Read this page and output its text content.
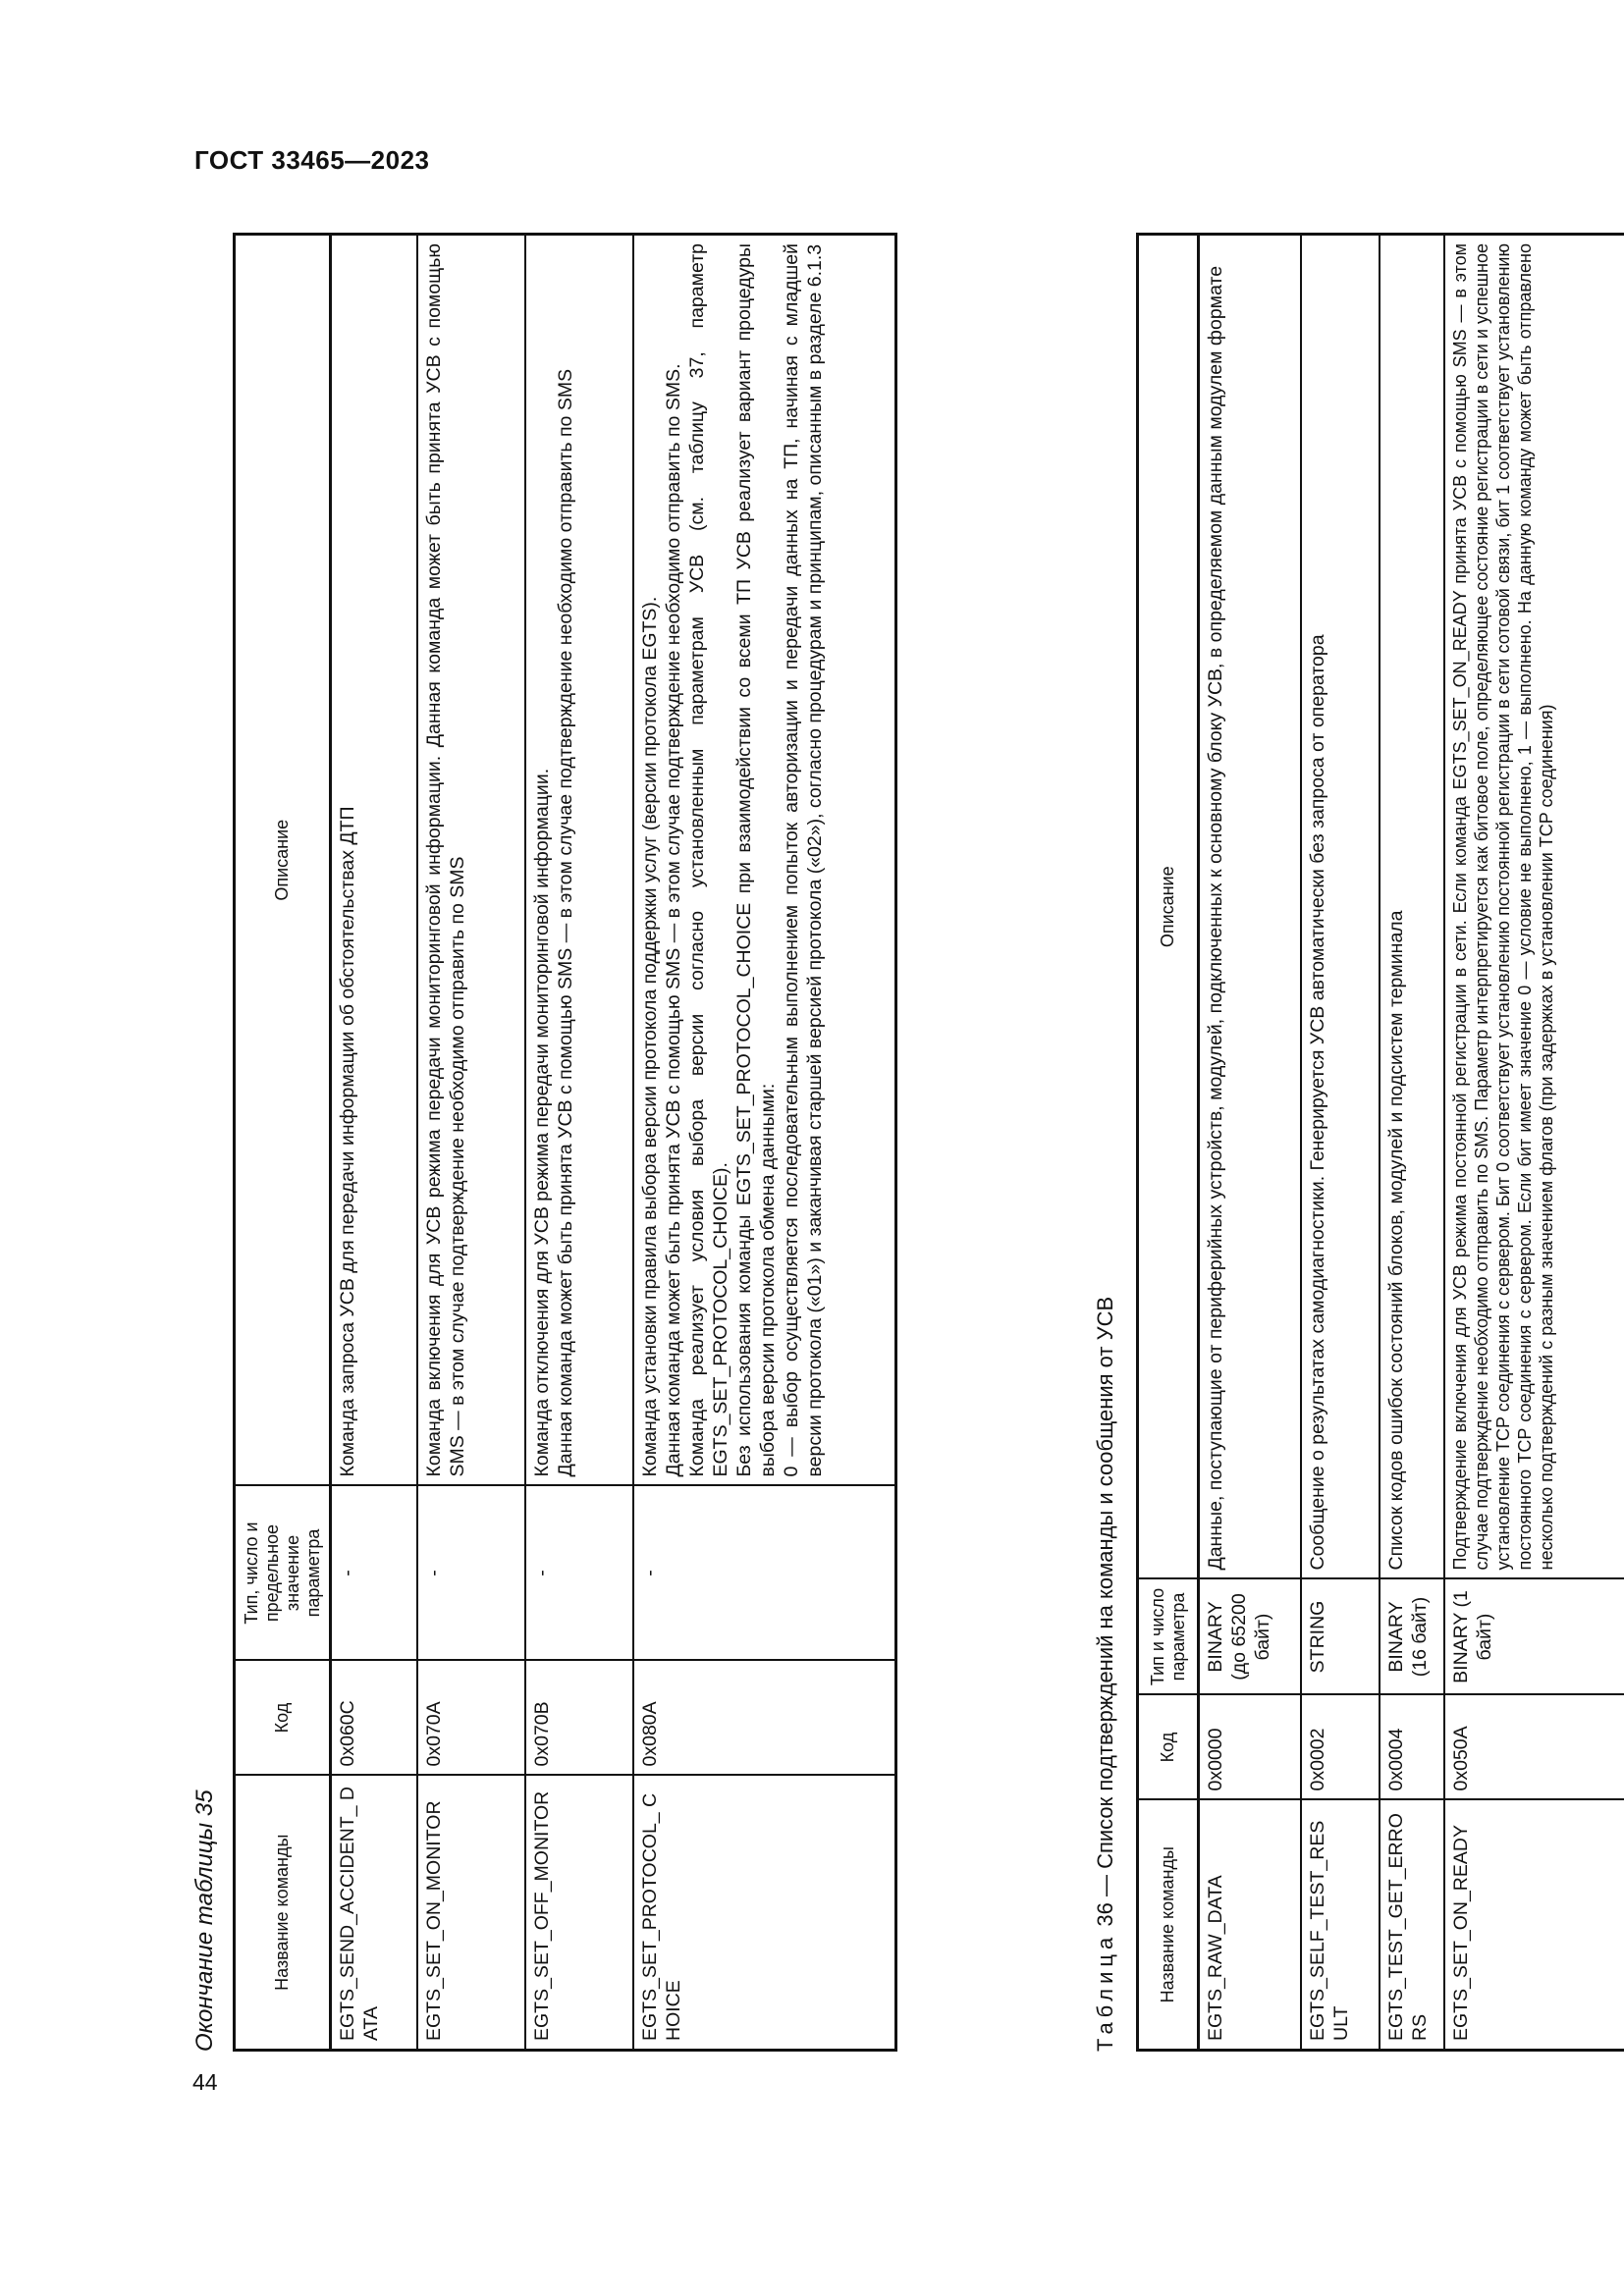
ГОСТ 33465—2023
44
Окончание таблицы 35	Название команды	Код	Тип, число и предельное значение параметра	Описание
EGTS_SEND_ACCIDENT_ DATA	0x060C	-	Команда запроса УСВ для передачи информации об обстоятельствах ДТП

EGTS_SET_ON_MONITOR	0x070A	-	Команда включения для УСВ режима передачи мониторинговой информации. Данная команда может быть принята УСВ с помощью SMS — в этом случае подтверждение необходимо отправить по SMS

EGTS_SET_OFF_MONITOR	0x070B	-	Команда отключения для УСВ режима передачи мониторинговой информации. Данная команда может быть принята УСВ с помощью SMS — в этом случае подтверждение необходимо отправить по SMS

EGTS_SET_PROTOCOL_ CHOICE	0x080A	-	Команда установки правила выбора версии протокола поддержки услуг (версии протокола EGTS). Данная команда может быть принята УСВ с помощью SMS — в этом случае подтверждение необходимо отправить по SMS. Команда реализует условия выбора версии согласно установленным параметрам УСВ (см. таблицу 37, параметр EGTS_SET_PROTOCOL_CHOICE). Без использования команды EGTS_SET_PROTOCOL_CHOICE при взаимодействии со всеми ТП УСВ реализует вариант процедуры выбора версии протокола обмена данными: 0 — выбор осуществляется последовательным выполнением попыток авторизации и передачи данных на ТП, начиная с младшей версии протокола («01») и заканчивая старшей версией протокола («02»), согласно процедурам и принципам, описанным в разделе 6.1.3
Таблица 36 — Список подтверждений на команды и сообщения от УСВ Название команды	Код	Тип и число параметра	Описание
EGTS_RAW_DATA	0x0000	BINARY (до 65200 байт)	Данные, поступающие от периферийных устройств, модулей, подключенных к основному блоку УСВ, в определяемом данным модулем формате
EGTS_SELF_TEST_RESULT	0x0002	STRING	Сообщение о результатах самодиагностики. Генерируется УСВ автоматически без запроса от оператора
EGTS_TEST_GET_ERRORS	0x0004	BINARY (16 байт)	Список кодов ошибок состояний блоков, модулей и подсистем терминала
EGTS_SET_ON_READY	0x050A	BINARY (1 байт)	Подтверждение включения для УСВ режима постоянной регистрации в сети. Если команда EGTS_SET_ON_READY принята УСВ с помощью SMS — в этом случае подтверждение необходимо отправить по SMS. Параметр интерпретируется как битовое поле, определяющее состояние регистрации в сети и успешное установление TCP соединения с сервером. Бит 0 соответствует установлению постоянной регистрации в сети сотовой связи, бит 1 соответствует установлению постоянного TCP соединения с сервером. Если бит имеет значение 0 — условие не выполнено, 1 — выполнено. На данную команду может быть отправлено несколько подтверждений с разным значением флагов (при задержках в установлении TCP соединения)
